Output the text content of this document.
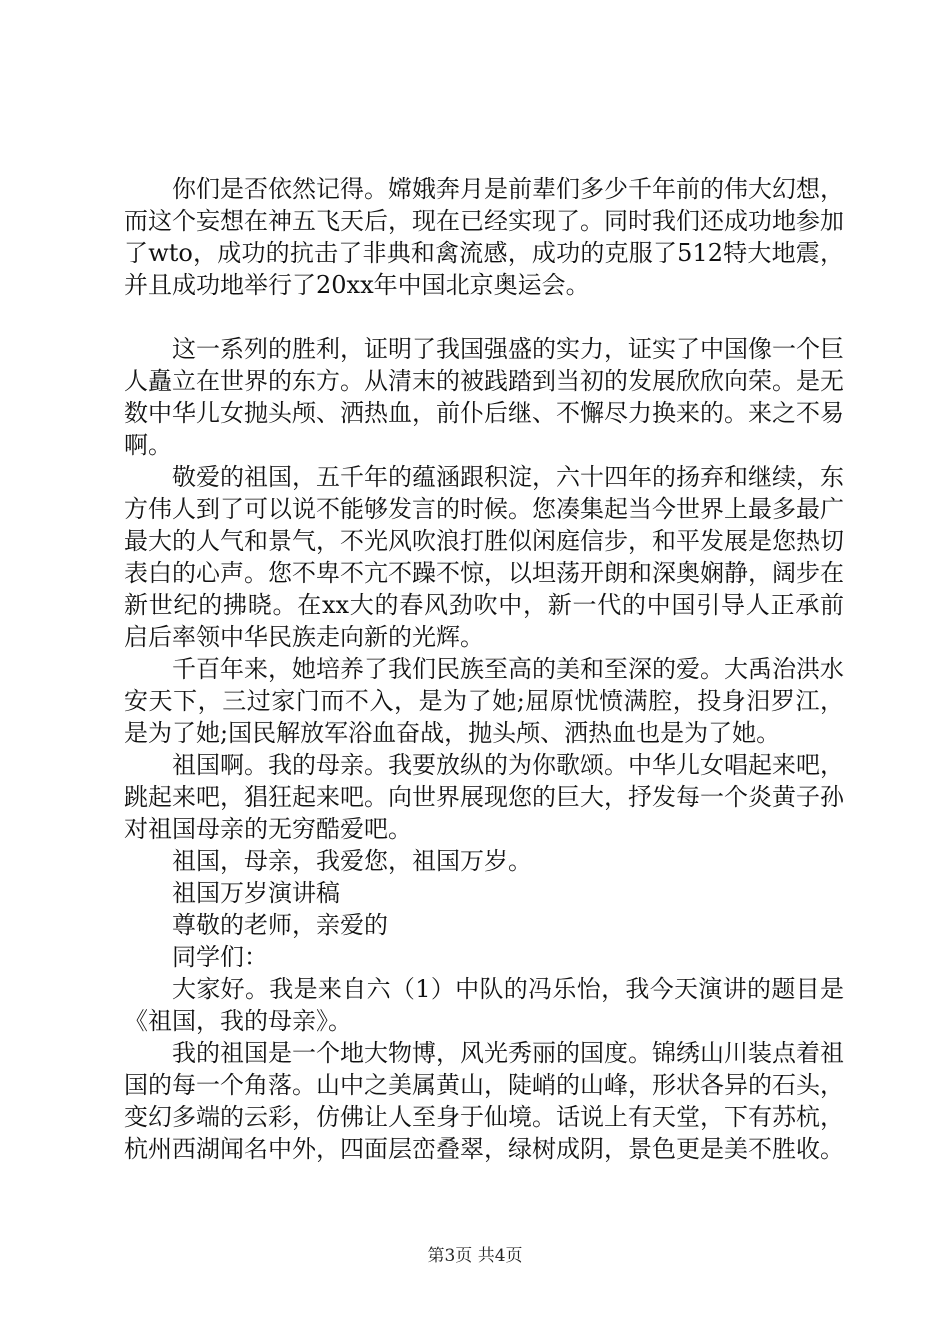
你们是否依然记得。嫦娥奔月是前辈们多少千年前的伟大幻想，而这个妄想在神五飞天后，现在已经实现了。同时我们还成功地参加了wto，成功的抗击了非典和禽流感，成功的克服了512特大地震，并且成功地举行了20xx年中国北京奥运会。

这一系列的胜利，证明了我国强盛的实力，证实了中国像一个巨人矗立在世界的东方。从清末的被践踏到当初的发展欣欣向荣。是无数中华儿女抛头颅、洒热血，前仆后继、不懈尽力换来的。来之不易啊。

敬爱的祖国，五千年的蕴涵跟积淀，六十四年的扬弃和继续，东方伟人到了可以说不能够发言的时候。您凑集起当今世界上最多最广最大的人气和景气，不光风吹浪打胜似闲庭信步，和平发展是您热切表白的心声。您不卑不亢不躁不惊，以坦荡开朗和深奥娴静，阔步在新世纪的拂晓。在xx大的春风劲吹中，新一代的中国引导人正承前启后率领中华民族走向新的光辉。

千百年来，她培养了我们民族至高的美和至深的爱。大禹治洪水安天下，三过家门而不入，是为了她;屈原忧愤满腔，投身汨罗江，是为了她;国民解放军浴血奋战，抛头颅、洒热血也是为了她。

祖国啊。我的母亲。我要放纵的为你歌颂。中华儿女唱起来吧，跳起来吧，猖狂起来吧。向世界展现您的巨大，抒发每一个炎黄子孙对祖国母亲的无穷酷爱吧。

祖国，母亲，我爱您，祖国万岁。

祖国万岁演讲稿

尊敬的老师，亲爱的

同学们：

大家好。我是来自六（1）中队的冯乐怡，我今天演讲的题目是《祖国，我的母亲》。

我的祖国是一个地大物博，风光秀丽的国度。锦绣山川装点着祖国的每一个角落。山中之美属黄山，陡峭的山峰，形状各异的石头，变幻多端的云彩，仿佛让人至身于仙境。话说上有天堂，下有苏杭，杭州西湖闻名中外，四面层峦叠翠，绿树成阴，景色更是美不胜收。

第3页 共4页
